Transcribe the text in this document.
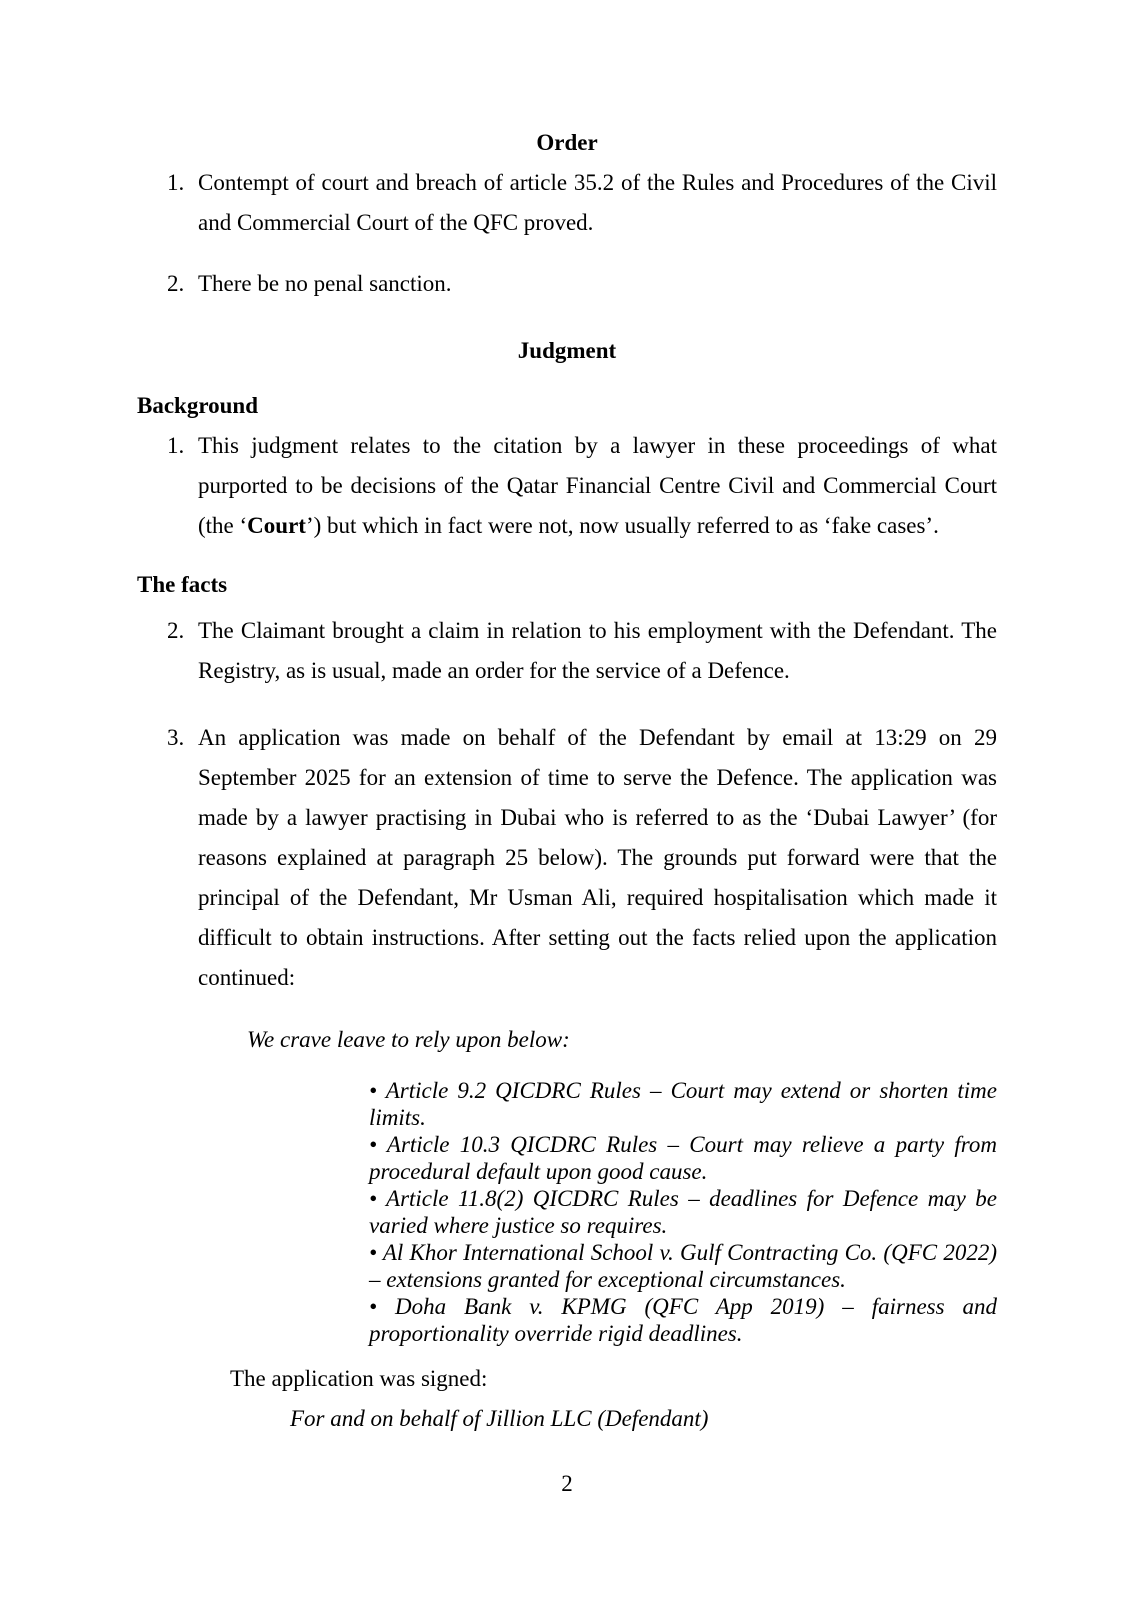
Order
1. Contempt of court and breach of article 35.2 of the Rules and Procedures of the Civil and Commercial Court of the QFC proved.
2. There be no penal sanction.
Judgment
Background
1. This judgment relates to the citation by a lawyer in these proceedings of what purported to be decisions of the Qatar Financial Centre Civil and Commercial Court (the ‘Court’) but which in fact were not, now usually referred to as ‘fake cases’.
The facts
2. The Claimant brought a claim in relation to his employment with the Defendant. The Registry, as is usual, made an order for the service of a Defence.
3. An application was made on behalf of the Defendant by email at 13:29 on 29 September 2025 for an extension of time to serve the Defence. The application was made by a lawyer practising in Dubai who is referred to as the ‘Dubai Lawyer’ (for reasons explained at paragraph 25 below). The grounds put forward were that the principal of the Defendant, Mr Usman Ali, required hospitalisation which made it difficult to obtain instructions. After setting out the facts relied upon the application continued:
We crave leave to rely upon below:
• Article 9.2 QICDRC Rules – Court may extend or shorten time limits.
• Article 10.3 QICDRC Rules – Court may relieve a party from procedural default upon good cause.
• Article 11.8(2) QICDRC Rules – deadlines for Defence may be varied where justice so requires.
• Al Khor International School v. Gulf Contracting Co. (QFC 2022) – extensions granted for exceptional circumstances.
• Doha Bank v. KPMG (QFC App 2019) – fairness and proportionality override rigid deadlines.
The application was signed:
For and on behalf of Jillion LLC (Defendant)
2
